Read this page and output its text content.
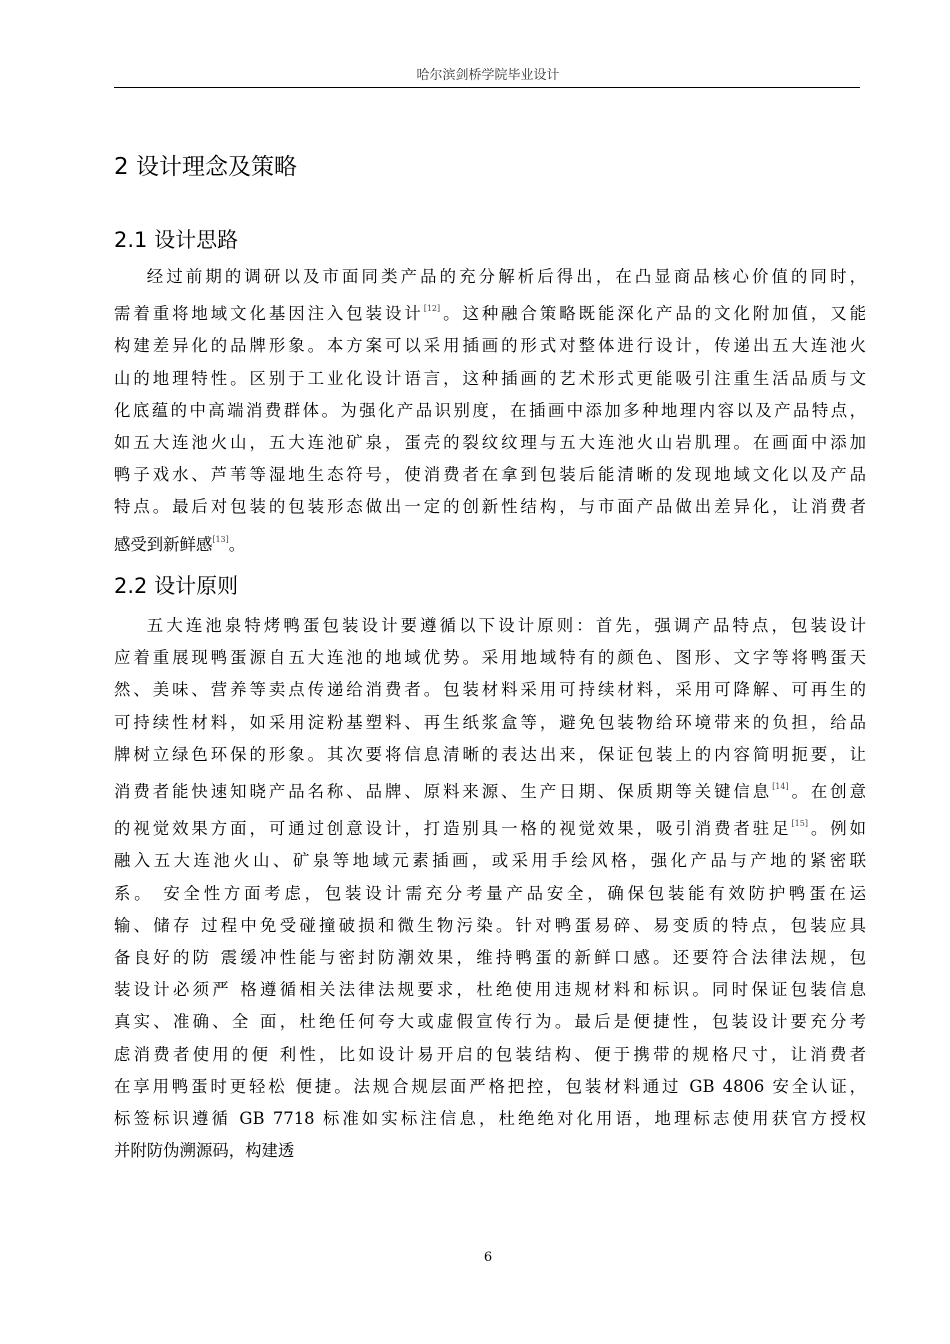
哈尔滨剑桥学院毕业设计
2 设计理念及策略
2.1 设计思路
经过前期的调研以及市面同类产品的充分解析后得出，在凸显商品核心价值的同时，
需着重将地域文化基因注入包装设计[12]。这种融合策略既能深化产品的文化附加值，又能
构建差异化的品牌形象。本方案可以采用插画的形式对整体进行设计，传递出五大连池火
山的地理特性。区别于工业化设计语言，这种插画的艺术形式更能吸引注重生活品质与文
化底蕴的中高端消费群体。为强化产品识别度，在插画中添加多种地理内容以及产品特点，
如五大连池火山，五大连池矿泉，蛋壳的裂纹纹理与五大连池火山岩肌理。在画面中添加
鸭子戏水、芦苇等湿地生态符号，使消费者在拿到包装后能清晰的发现地域文化以及产品
特点。最后对包装的包装形态做出一定的创新性结构，与市面产品做出差异化，让消费者
感受到新鲜感[13]。
2.2 设计原则
五大连池泉特烤鸭蛋包装设计要遵循以下设计原则：首先，强调产品特点，包装设计
应着重展现鸭蛋源自五大连池的地域优势。采用地域特有的颜色、图形、文字等将鸭蛋天
然、美味、营养等卖点传递给消费者。包装材料采用可持续材料，采用可降解、可再生的
可持续性材料，如采用淀粉基塑料、再生纸浆盒等，避免包装物给环境带来的负担，给品
牌树立绿色环保的形象。其次要将信息清晰的表达出来，保证包装上的内容简明扼要，让
消费者能快速知晓产品名称、品牌、原料来源、生产日期、保质期等关键信息[14]。在创意
的视觉效果方面，可通过创意设计，打造别具一格的视觉效果，吸引消费者驻足[15]。例如
融入五大连池火山、矿泉等地域元素插画，或采用手绘风格，强化产品与产地的紧密联
系。 安全性方面考虑，包装设计需充分考量产品安全，确保包装能有效防护鸭蛋在运
输、储存 过程中免受碰撞破损和微生物污染。针对鸭蛋易碎、易变质的特点，包装应具
备良好的防 震缓冲性能与密封防潮效果，维持鸭蛋的新鲜口感。还要符合法律法规，包
装设计必须严 格遵循相关法律法规要求，杜绝使用违规材料和标识。同时保证包装信息
真实、准确、全 面，杜绝任何夸大或虚假宣传行为。最后是便捷性，包装设计要充分考
虑消费者使用的便 利性，比如设计易开启的包装结构、便于携带的规格尺寸，让消费者
在享用鸭蛋时更轻松 便捷。法规合规层面严格把控，包装材料通过 GB 4806 安全认证，
标签标识遵循 GB 7718 标准如实标注信息，杜绝绝对化用语，地理标志使用获官方授权
并附防伪溯源码，构建透
6
